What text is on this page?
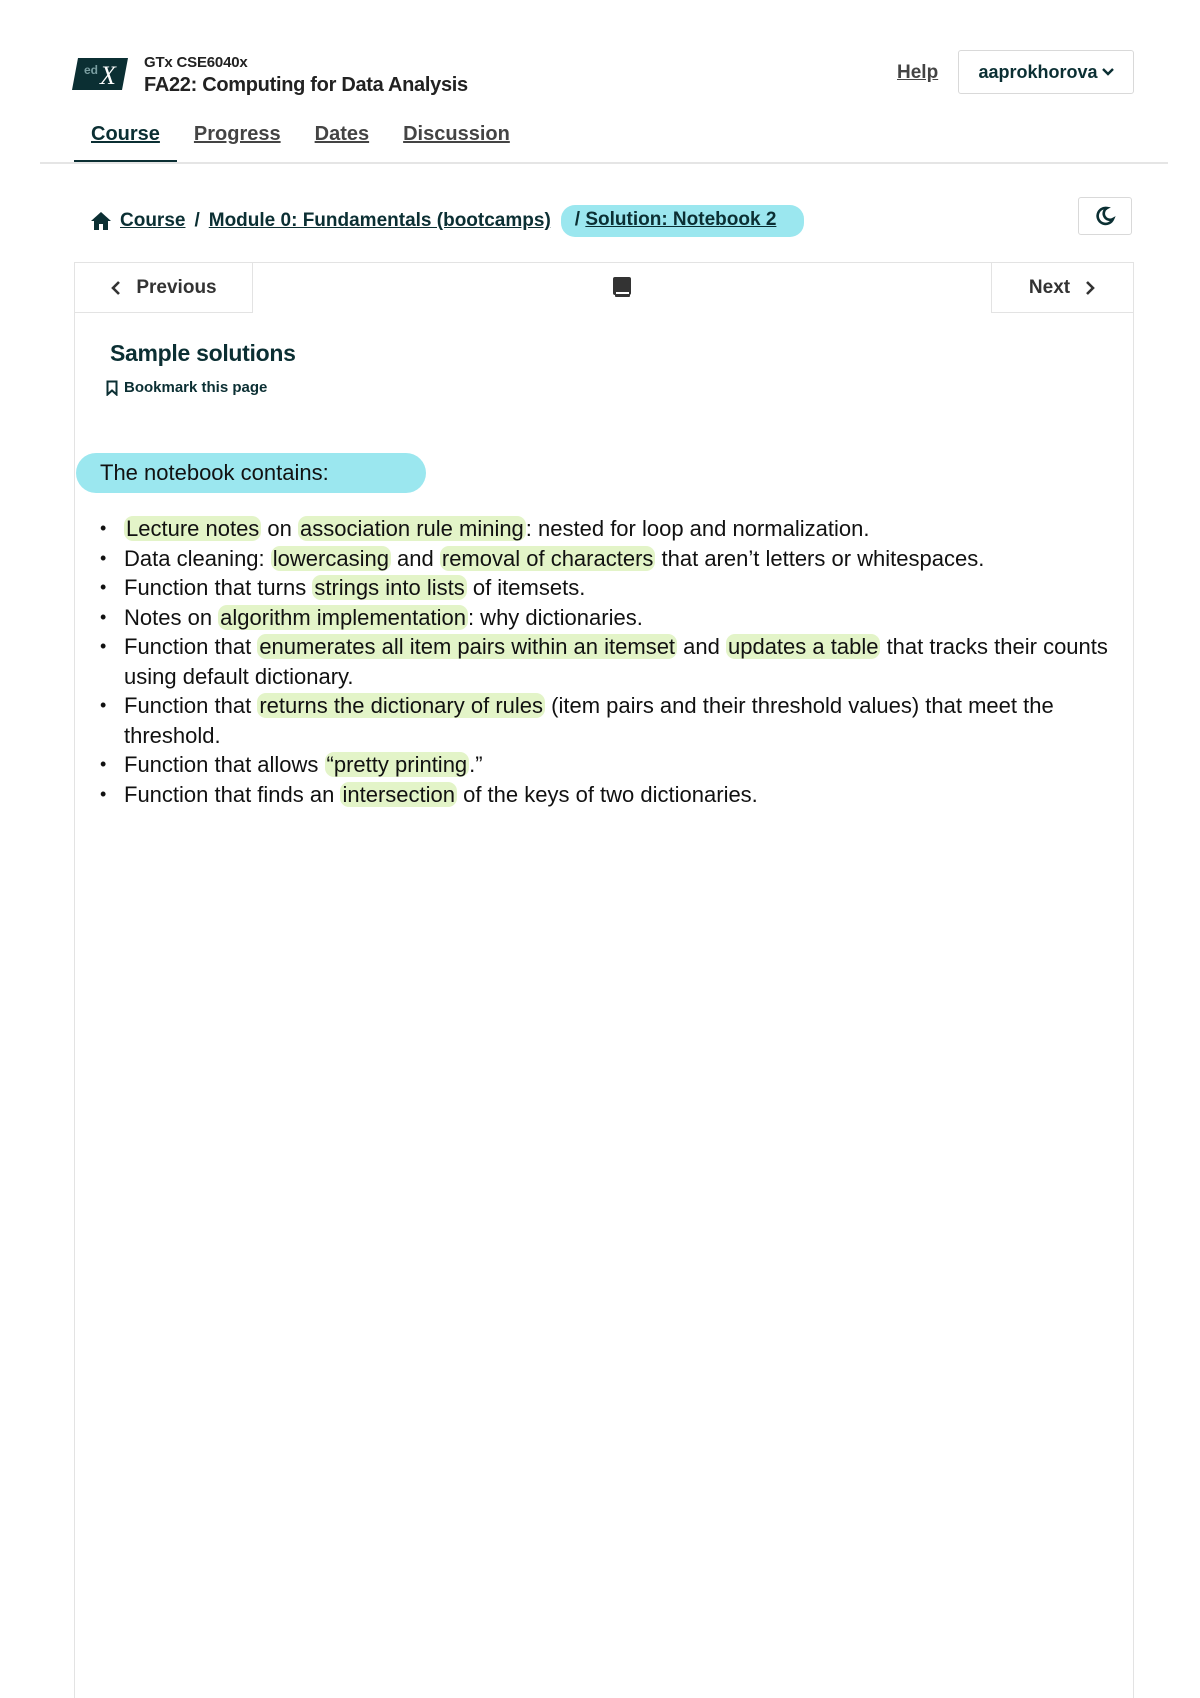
X
ed	GTx CSE6040x
FA22: Computing for Data Analysis
Help aaprokhorova
Course	Progress	Dates	Discussion
Course / Module 0: Fundamentals (bootcamps)	/ Solution: Notebook 2
Previous	Next
Sample solutions
Bookmark this page
The notebook contains:
• Lecture notes on association rule mining: nested for loop and normalization.
• Data cleaning: lowercasing and removal of characters that aren’t letters or whitespaces.
• Function that turns strings into lists of itemsets.
• Notes on algorithm implementation: why dictionaries.
• Function that enumerates all item pairs within an itemset and updates a table that tracks their counts using default dictionary.
• Function that returns the dictionary of rules (item pairs and their threshold values) that meet the threshold.
• Function that allows “pretty printing.”
• Function that finds an intersection of the keys of two dictionaries.
